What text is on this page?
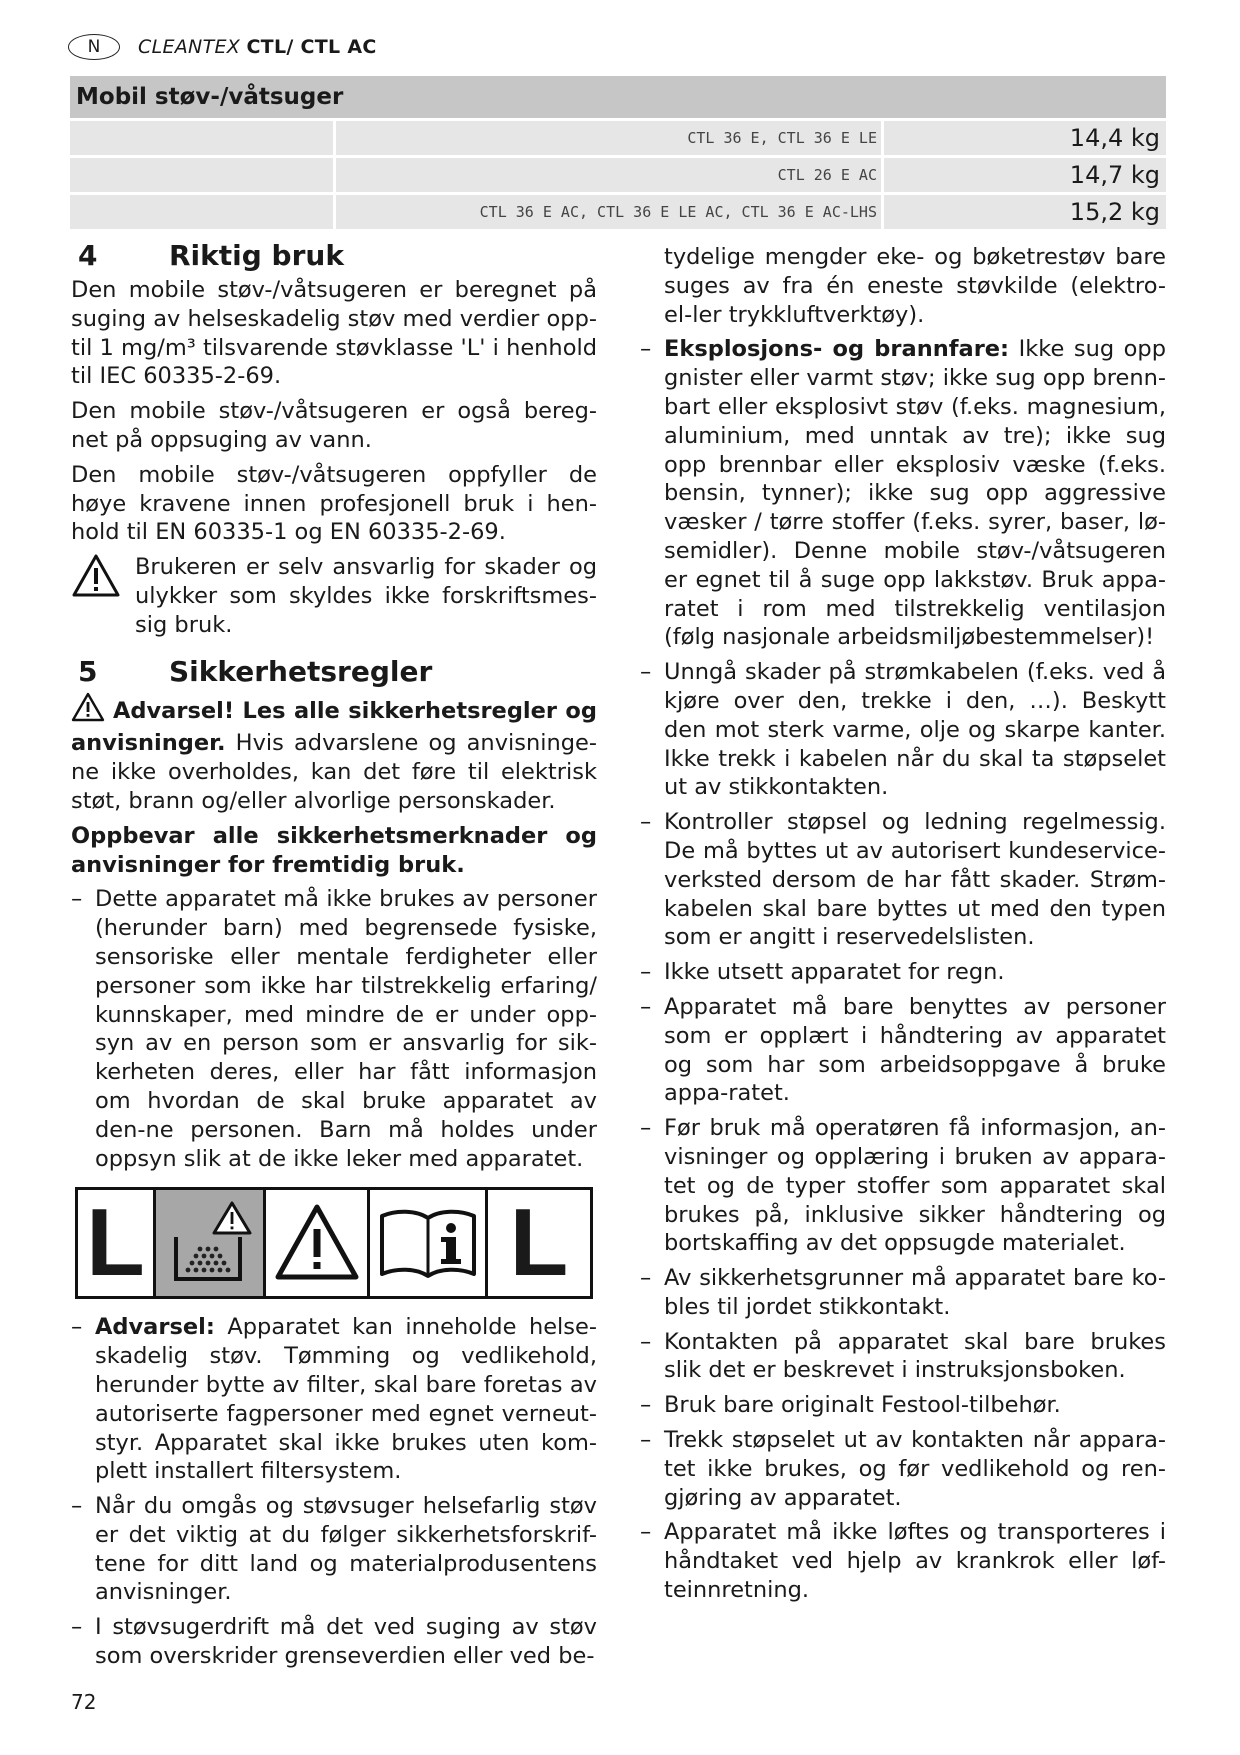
N	CLEANTEX CTL/ CTL AC
Mobil støv-/våtsuger
CTL 36 E, CTL 36 E LE	14,4 kg
CTL 26 E AC	14,7 kg
CTL 36 E AC, CTL 36 E LE AC, CTL 36 E AC-LHS	15,2 kg
4	Riktig bruk

Den mobile støv-/våtsugeren er beregnet på suging av helseskadelig støv med verdier opp-til 1 mg/m³ tilsvarende støvklasse 'L' i henhold til IEC 60335-2-69.

Den mobile støv-/våtsugeren er også bereg-net på oppsuging av vann.

Den mobile støv-/våtsugeren oppfyller de høye kravene innen profesjonell bruk i hen-hold til EN 60335-1 og EN 60335-2-69.

Brukeren er selv ansvarlig for skader og ulykker som skyldes ikke forskriftsmes-sig bruk.
5	Sikkerhetsregler

Advarsel! Les alle sikkerhetsregler og anvisninger. Hvis advarslene og anvisninge-ne ikke overholdes, kan det føre til elektrisk støt, brann og/eller alvorlige personskader.

Oppbevar alle sikkerhetsmerknader og anvisninger for fremtidig bruk.

– Dette apparatet må ikke brukes av personer (herunder barn) med begrensede fysiske, sensoriske eller mentale ferdigheter eller personer som ikke har tilstrekkelig erfaring/ kunnskaper, med mindre de er under opp-syn av en person som er ansvarlig for sik-kerheten deres, eller har fått informasjon om hvordan de skal bruke apparatet av den-ne personen. Barn må holdes under oppsyn slik at de ikke leker med apparatet.
L	L
– Advarsel: Apparatet kan inneholde helse-skadelig støv. Tømming og vedlikehold, herunder bytte av filter, skal bare foretas av autoriserte fagpersoner med egnet verneut-styr. Apparatet skal ikke brukes uten kom-plett installert filtersystem.
– Når du omgås og støvsuger helsefarlig støv er det viktig at du følger sikkerhetsforskrif-tene for ditt land og materialprodusentens anvisninger.
– I støvsugerdrift må det ved suging av støv som overskrider grenseverdien eller ved be-
tydelige mengder eke- og bøketrestøv bare suges av fra én eneste støvkilde (elektro- el-ler trykkluftverktøy).
– Eksplosjons- og brannfare: Ikke sug opp gnister eller varmt støv; ikke sug opp brenn-bart eller eksplosivt støv (f.eks. magnesium, aluminium, med unntak av tre); ikke sug opp brennbar eller eksplosiv væske (f.eks. bensin, tynner); ikke sug opp aggressive væsker / tørre stoffer (f.eks. syrer, baser, lø-semidler). Denne mobile støv-/våtsugeren er egnet til å suge opp lakkstøv. Bruk appa-ratet i rom med tilstrekkelig ventilasjon (følg nasjonale arbeidsmiljøbestemmelser)!
– Unngå skader på strømkabelen (f.eks. ved å kjøre over den, trekke i den, …). Beskytt den mot sterk varme, olje og skarpe kanter. Ikke trekk i kabelen når du skal ta støpselet ut av stikkontakten.
– Kontroller støpsel og ledning regelmessig. De må byttes ut av autorisert kundeservice-verksted dersom de har fått skader. Strøm-kabelen skal bare byttes ut med den typen som er angitt i reservedelslisten.
– Ikke utsett apparatet for regn.
– Apparatet må bare benyttes av personer som er opplært i håndtering av apparatet og som har som arbeidsoppgave å bruke appa-ratet.
– Før bruk må operatøren få informasjon, an-visninger og opplæring i bruken av appara-tet og de typer stoffer som apparatet skal brukes på, inklusive sikker håndtering og bortskaffing av det oppsugde materialet.
– Av sikkerhetsgrunner må apparatet bare ko-bles til jordet stikkontakt.
– Kontakten på apparatet skal bare brukes slik det er beskrevet i instruksjonsboken.
– Bruk bare originalt Festool-tilbehør.
– Trekk støpselet ut av kontakten når appara-tet ikke brukes, og før vedlikehold og ren-gjøring av apparatet.
– Apparatet må ikke løftes og transporteres i håndtaket ved hjelp av krankrok eller løf-teinnretning.
72
